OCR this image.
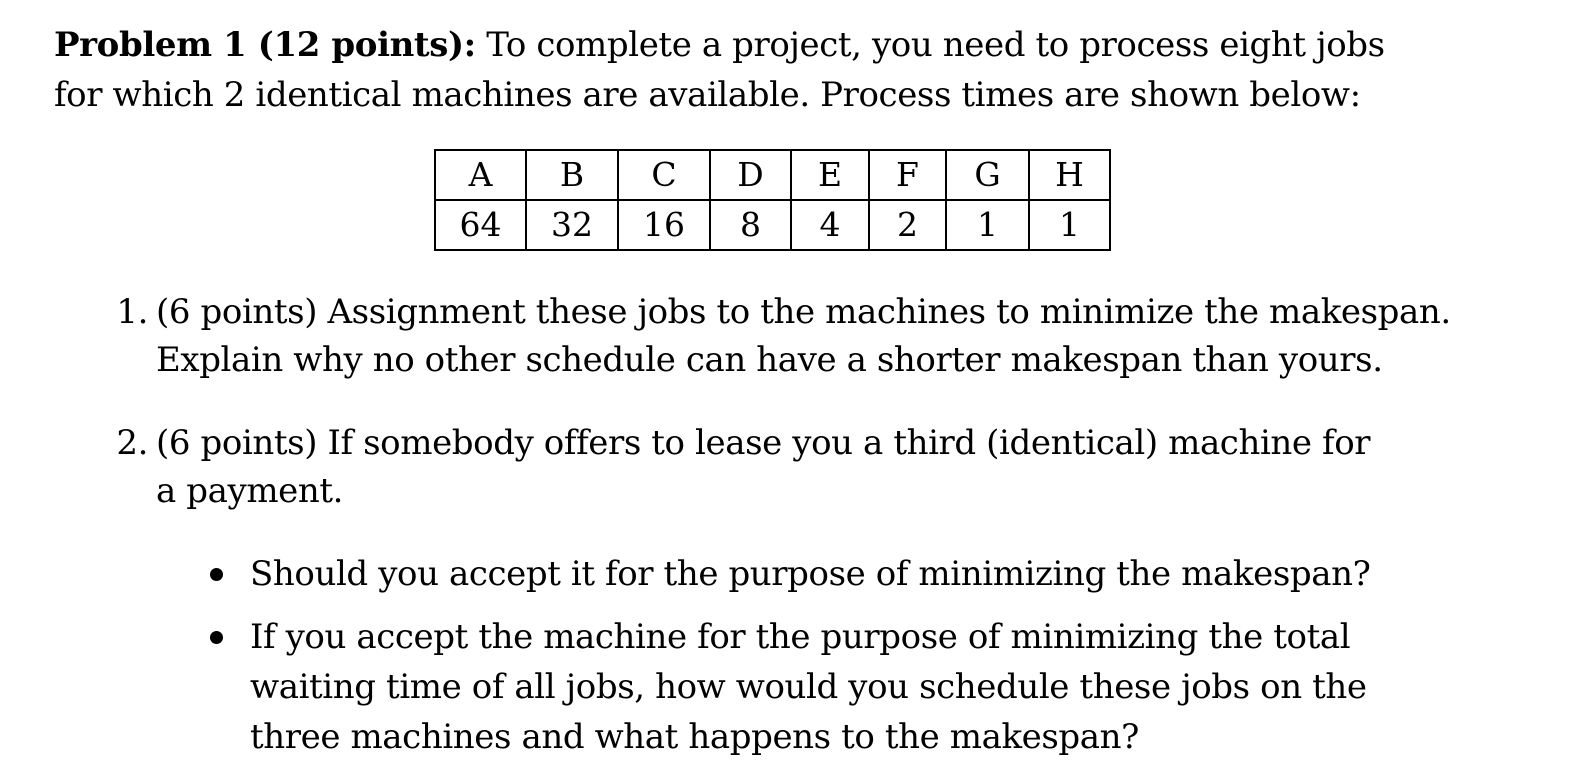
Problem 1 (12 points): To complete a project, you need to process eight jobs
for which 2 identical machines are available. Process times are shown below:
A	B	C	D	E	F	G	H
64	32	16	8	4	2	1	1
1. (6 points) Assignment these jobs to the machines to minimize the makespan.
Explain why no other schedule can have a shorter makespan than yours.
2. (6 points) If somebody offers to lease you a third (identical) machine for
a payment.
Should you accept it for the purpose of minimizing the makespan?
If you accept the machine for the purpose of minimizing the total
waiting time of all jobs, how would you schedule these jobs on the
three machines and what happens to the makespan?
